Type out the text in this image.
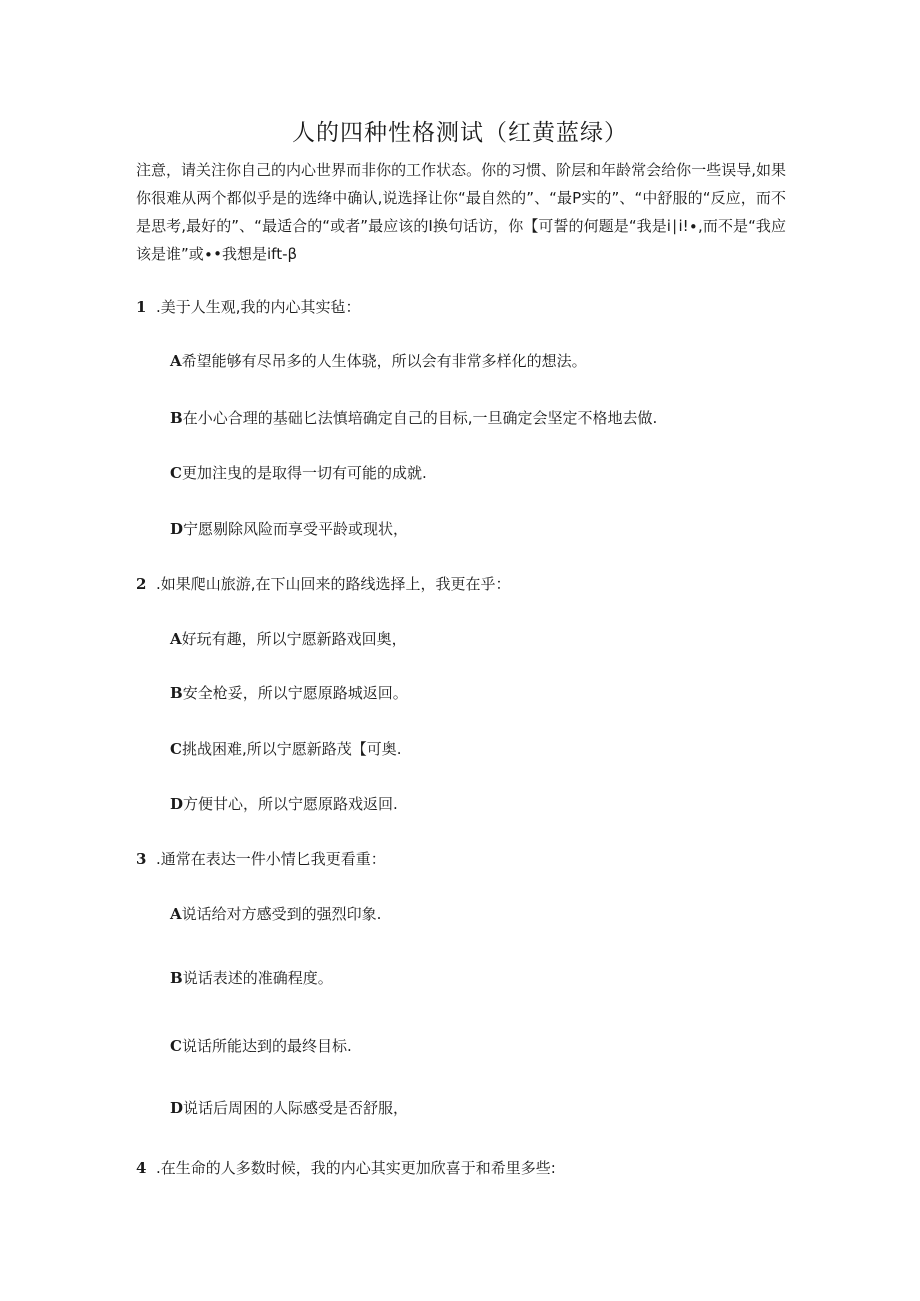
人的四种性格测试（红黄蓝绿）
注意，请关注你自己的内心世界而非你的工作状态。你的习惯、阶层和年龄常会给你一些误导,如果你很难从两个都似乎是的选绛中确认,说选择让你“最自然的”、“最P实的”、“中舒服的“反应，而不是思考,最好的”、“最适合的“或者”最应该的I换句话访，你【可誓的何题是“我是i∣i!∙,而不是“我应该是谁”或∙•我想是ift-β
1 .美于人生观,我的内心其实毡：
A希望能够有尽吊多的人生体骁，所以会有非常多样化的想法。
B在小心合理的基础匕法慎培确定自己的目标,一旦确定会坚定不格地去做.
C更加注曳的是取得一切有可能的成就.
D宁愿剔除风险而享受平龄或现状，
2 .如果爬山旅游,在下山回来的路线选择上，我更在乎：
A好玩有趣，所以宁愿新路戏回奥，
B安全枪妥，所以宁愿原路城返回。
C挑战困难,所以宁愿新路茂【可奥.
D方便甘心，所以宁愿原路戏返回.
3 .通常在表达一件小情匕我更看重：
A说话给对方感受到的强烈印象.
B说话表述的准确程度。
C说话所能达到的最终目标.
D说话后周困的人际感受是否舒服，
4 .在生命的人多数时候，我的内心其实更加欣喜于和希里多些:
